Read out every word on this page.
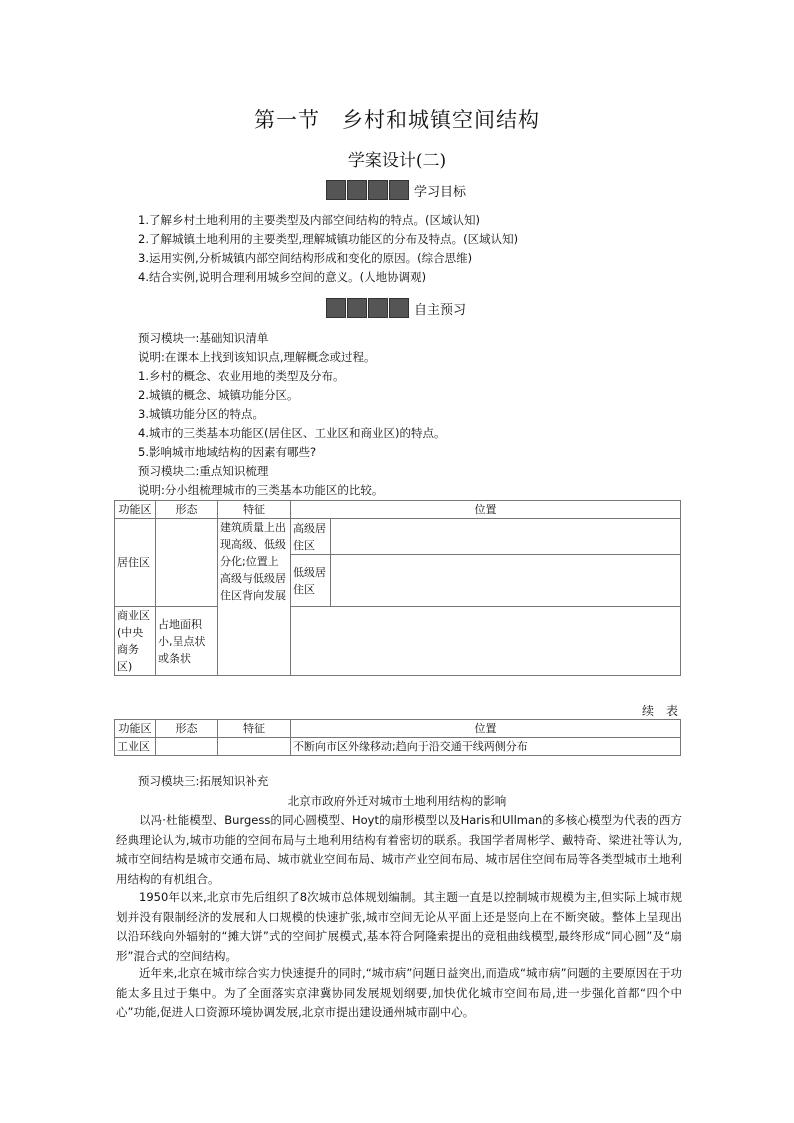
第一节　乡村和城镇空间结构
学案设计(二)
学习目标
1.了解乡村土地利用的主要类型及内部空间结构的特点。(区域认知)
2.了解城镇土地利用的主要类型,理解城镇功能区的分布及特点。(区域认知)
3.运用实例,分析城镇内部空间结构形成和变化的原因。(综合思维)
4.结合实例,说明合理利用城乡空间的意义。(人地协调观)
自主预习
预习模块一:基础知识清单
说明:在课本上找到该知识点,理解概念或过程。
1.乡村的概念、农业用地的类型及分布。
2.城镇的概念、城镇功能分区。
3.城镇功能分区的特点。
4.城市的三类基本功能区(居住区、工业区和商业区)的特点。
5.影响城市地域结构的因素有哪些?
预习模块二:重点知识梳理
说明:分小组梳理城市的三类基本功能区的比较。
功能区	形态	特征	位置	
居住区		建筑质量上出现高级、低级分化;位置上高级与低级居住区背向发展	高级居住区	
			低级居住区	
商业区(中央商务区)	占地面积小,呈点状或条状			
续　表
功能区	形态	特征	位置
工业区			不断向市区外缘移动;趋向于沿交通干线两侧分布
预习模块三:拓展知识补充
北京市政府外迁对城市土地利用结构的影响
以冯·杜能模型、Burgess的同心圆模型、Hoyt的扇形模型以及Haris和Ullman的多核心模型为代表的西方经典理论认为,城市功能的空间布局与土地利用结构有着密切的联系。我国学者周彬学、戴特奇、梁进社等认为,城市空间结构是城市交通布局、城市就业空间布局、城市产业空间布局、城市居住空间布局等各类型城市土地利用结构的有机组合。
1950年以来,北京市先后组织了8次城市总体规划编制。其主题一直是以控制城市规模为主,但实际上城市规划并没有限制经济的发展和人口规模的快速扩张,城市空间无论从平面上还是竖向上在不断突破。整体上呈现出以沿环线向外辐射的“摊大饼”式的空间扩展模式,基本符合阿隆索提出的竞租曲线模型,最终形成“同心圆”及“扇形”混合式的空间结构。
近年来,北京在城市综合实力快速提升的同时,“城市病”问题日益突出,而造成“城市病”问题的主要原因在于功能太多且过于集中。为了全面落实京津冀协同发展规划纲要,加快优化城市空间布局,进一步强化首都“四个中心”功能,促进人口资源环境协调发展,北京市提出建设通州城市副中心。
